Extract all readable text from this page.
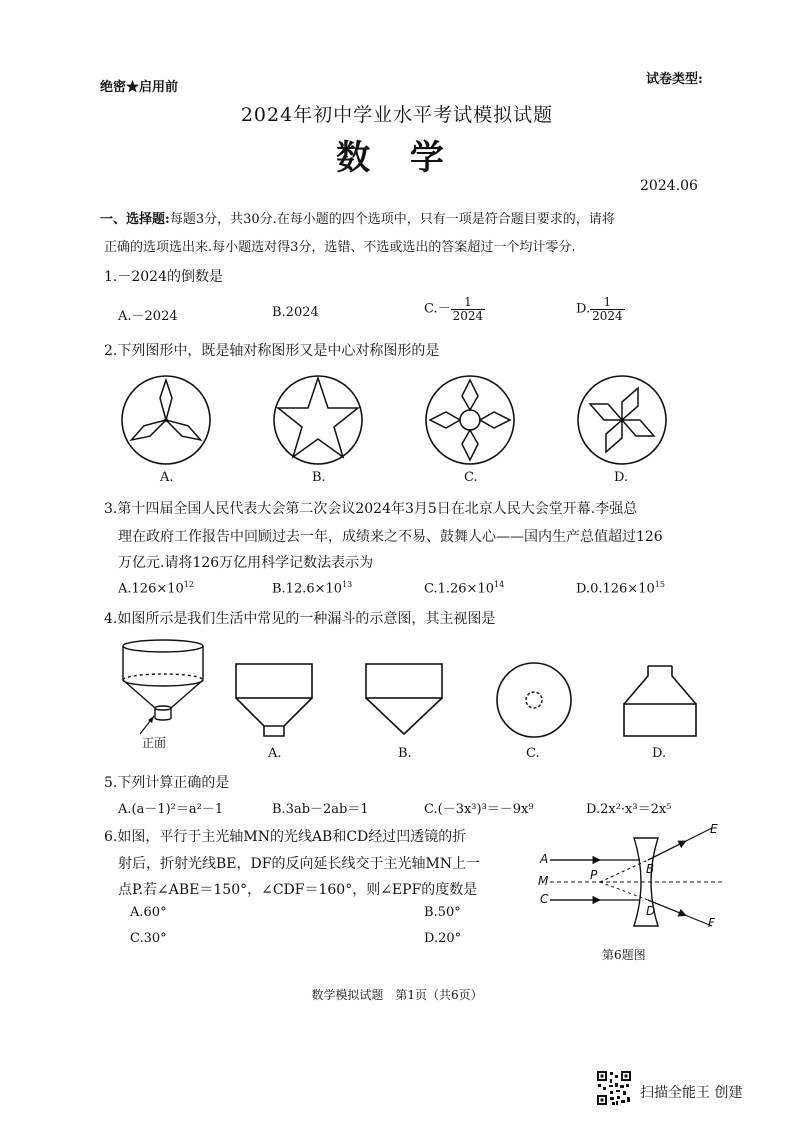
绝密★启用前
试卷类型:
2024年初中学业水平考试模拟试题
数 学
2024.06
一、选择题:每题3分，共30分.在每小题的四个选项中，只有一项是符合题目要求的，请将
正确的选项选出来.每小题选对得3分，选错、不选或选出的答案超过一个均计零分.
1.－2024的倒数是
A.－2024	B.2024	$C.- \frac{1}{2024}$	D. $\frac{1}{2024}$
2.下列图形中，既是轴对称图形又是中心对称图形的是
A.	B.	C.	D.
3.第十四届全国人民代表大会第二次会议2024年3月5日在北京人民大会堂开幕.李强总
理在政府工作报告中回顾过去一年，成绩来之不易、鼓舞人心——国内生产总值超过126
万亿元.请将126万亿用科学记数法表示为
$A.126\times 10^{12}$	$B.12.6\times 10^{13}$	$C.1.26\times 10^{14}$	$D.0.126\times 10^{15}$
4.如图所示是我们生活中常见的一种漏斗的示意图，其主视图是
正面
A.	B.	C.	D.
5.下列计算正确的是
A.(a－1)²＝a²－1	B.3ab－2ab＝1	C.(－3x³)³＝－9x⁹	D.2x²·x³＝2x⁵
6.如图，平行于主光轴MN的光线AB和CD经过凹透镜的折
射后，折射光线BE，DF的反向延长线交于主光轴MN上一
点P.若∠ABE＝150°，∠CDF＝160°，则∠EPF的度数是
A.60°	B.50°
C.30°	D.20°
A
M
C
P	B
D
E
F
第6题图
数学模拟试题　第1页（共6页）
扫描全能王 创建
